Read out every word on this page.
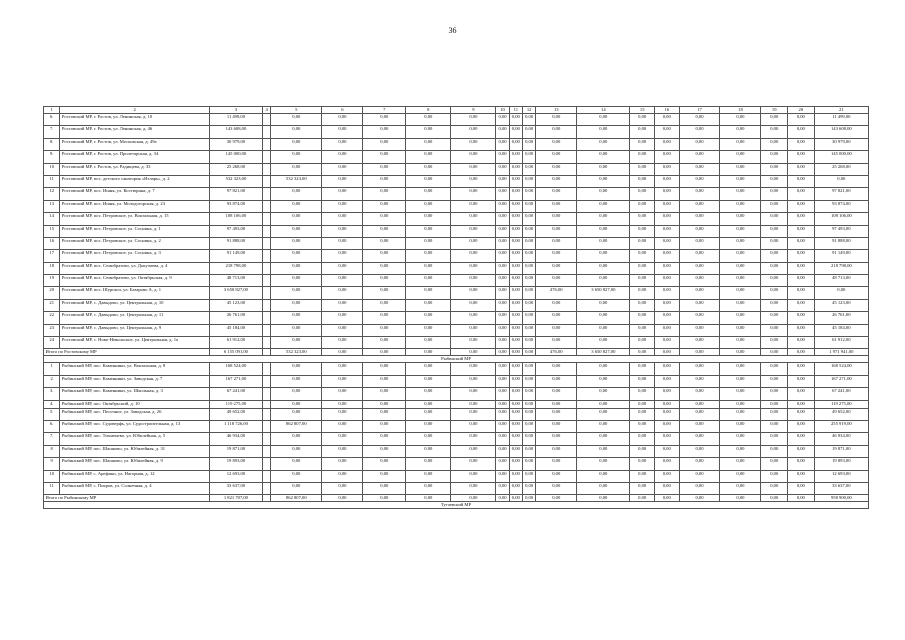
36
1	2	3	4	5	6	7	8	9	10	11	12	13	14	15	16	17	18	19	20	21
6.	Ростовский МР, г. Ростов, ул. Ленинская, д. 10	11 499,00		0,00	0,00	0,00	0,00	0,00	0,00	0,00	0,00	0,00	0,00	0,00	0,00	0,00	0,00	0,00	0,00	11 499,00
7.	Ростовский МР, г. Ростов, ул. Ленинская, д. 46	143 608,00		0,00	0,00	0,00	0,00	0,00	0,00	0,00	0,00	0,00	0,00	0,00	0,00	0,00	0,00	0,00	0,00	143 608,00
8.	Ростовский МР, г. Ростов, ул. Московская, д. 49а	30 979,00		0,00	0,00	0,00	0,00	0,00	0,00	0,00	0,00	0,00	0,00	0,00	0,00	0,00	0,00	0,00	0,00	30 979,00
9.	Ростовский МР, г. Ростов, ул. Пролетарская, д. 34	145 000,00		0,00	0,00	0,00	0,00	0,00	0,00	0,00	0,00	0,00	0,00	0,00	0,00	0,00	0,00	0,00	0,00	145 000,00
10	Ростовский МР, г. Ростов, ул. Радищева, д. 33	25 268,00		0,00	0,00	0,00	0,00	0,00	0,00	0,00	0,00	0,00	0,00	0,00	0,00	0,00	0,00	0,00	0,00	25 268,00
11	Ростовский МР, пос. детского санатория «Итларь», д. 2	532 323,00		532 323,00	0,00	0,00	0,00	0,00	0,00	0,00	0,00	0,00	0,00	0,00	0,00	0,00	0,00	0,00	0,00	0,00
12	Ростовский МР, пос. Ишня, ул. Костюрина, д. 7	97 821,00		0,00	0,00	0,00	0,00	0,00	0,00	0,00	0,00	0,00	0,00	0,00	0,00	0,00	0,00	0,00	0,00	97 821,00
13	Ростовский МР, пос. Ишня, ул. Молодогорская, д. 23	93 874,00		0,00	0,00	0,00	0,00	0,00	0,00	0,00	0,00	0,00	0,00	0,00	0,00	0,00	0,00	0,00	0,00	93 874,00
14	Ростовский МР, пос. Петровское, ул. Вокзальная, д. 15	108 106,00		0,00	0,00	0,00	0,00	0,00	0,00	0,00	0,00	0,00	0,00	0,00	0,00	0,00	0,00	0,00	0,00	108 106,00
15	Ростовский МР, пос. Петровское, ул. Соснина, д. 1	97 493,00		0,00	0,00	0,00	0,00	0,00	0,00	0,00	0,00	0,00	0,00	0,00	0,00	0,00	0,00	0,00	0,00	97 493,00
16	Ростовский МР, пос. Петровское, ул. Соснина, д. 2	91 888,00		0,00	0,00	0,00	0,00	0,00	0,00	0,00	0,00	0,00	0,00	0,00	0,00	0,00	0,00	0,00	0,00	91 888,00
17	Ростовский МР, пос. Петровское, ул. Соснина, д. 3	91 149,00		0,00	0,00	0,00	0,00	0,00	0,00	0,00	0,00	0,00	0,00	0,00	0,00	0,00	0,00	0,00	0,00	91 149,00
18	Ростовский МР, пос. Семибратово, ул. Докучаева, д. 4	218 798,00		0,00	0,00	0,00	0,00	0,00	0,00	0,00	0,00	0,00	0,00	0,00	0,00	0,00	0,00	0,00	0,00	218 798,00
19	Ростовский МР, пос. Семибратово, ул. Октябрьская, д. 9	48 713,00		0,00	0,00	0,00	0,00	0,00	0,00	0,00	0,00	0,00	0,00	0,00	0,00	0,00	0,00	0,00	0,00	48 713,00
20	Ростовский МР, пос. Шурскол, ул. Базарово А, д. 1	3 650 827,00		0,00	0,00	0,00	0,00	0,00	0,00	0,00	0,00	476,00	3 650 827,00	0,00	0,00	0,00	0,00	0,00	0,00	0,00
21	Ростовский МР, с. Давыдово, ул. Центральная, д. 10	45 123,00		0,00	0,00	0,00	0,00	0,00	0,00	0,00	0,00	0,00	0,00	0,00	0,00	0,00	0,00	0,00	0,00	45 123,00
22	Ростовский МР, с. Давыдово, ул. Центральная, д. 11	26 761,00		0,00	0,00	0,00	0,00	0,00	0,00	0,00	0,00	0,00	0,00	0,00	0,00	0,00	0,00	0,00	0,00	26 761,00
23	Ростовский МР, с. Давыдово, ул. Центральная, д. 9	45 184,00		0,00	0,00	0,00	0,00	0,00	0,00	0,00	0,00	0,00	0,00	0,00	0,00	0,00	0,00	0,00	0,00	45 184,00
24	Ростовский МР, с. Ново-Никольское, ул. Центральная, д. 1а	61 912,00		0,00	0,00	0,00	0,00	0,00	0,00	0,00	0,00	0,00	0,00	0,00	0,00	0,00	0,00	0,00	0,00	61 912,00
Итого по Ростовскому МР		6 155 091,00		532 323,00	0,00	0,00	0,00	0,00	0,00	0,00	0,00	476,00	3 650 827,00	0,00	0,00	0,00	0,00	0,00	0,00	1 971 941,00
Рыбинский МР																				
1	Рыбинский МР, пос. Каменники, ул. Вокзальная, д. 8	168 524,00		0,00	0,00	0,00	0,00	0,00	0,00	0,00	0,00	0,00	0,00	0,00	0,00	0,00	0,00	0,00	0,00	168 524,00
2	Рыбинский МР, пос. Каменники, ул. Заводская, д. 7	167 271,00		0,00	0,00	0,00	0,00	0,00	0,00	0,00	0,00	0,00	0,00	0,00	0,00	0,00	0,00	0,00	0,00	167 271,00
3.	Рыбинский МР, пос. Каменники, ул. Школьная, д. 3	67 241,00		0,00	0,00	0,00	0,00	0,00	0,00	0,00	0,00	0,00	0,00	0,00	0,00	0,00	0,00	0,00	0,00	67 241,00
4.	Рыбинский МР, пос. Октябрьский, д. 10	119 275,00		0,00	0,00	0,00	0,00	0,00	0,00	0,00	0,00	0,00	0,00	0,00	0,00	0,00	0,00	0,00	0,00	119 275,00
5.	Рыбинский МР, пос. Песочное, ул. Заводская, д. 26	49 652,00		0,00	0,00	0,00	0,00	0,00	0,00	0,00	0,00	0,00	0,00	0,00	0,00	0,00	0,00	0,00	0,00	49 652,00
6.	Рыбинский МР, пос. Судоверфь, ул. Судостроительная, д. 13	1 118 726,00		862 807,00	0,00	0,00	0,00	0,00	0,00	0,00	0,00	0,00	0,00	0,00	0,00	0,00	0,00	0,00	0,00	255 919,00
7.	Рыбинский МР, пос. Тихменево, ул. Юбилейная, д. 5	46 934,00		0,00	0,00	0,00	0,00	0,00	0,00	0,00	0,00	0,00	0,00	0,00	0,00	0,00	0,00	0,00	0,00	46 934,00
8	Рыбинский МР, пос. Шашково, ул. Юбилейная, д. 31	19 871,00		0,00	0,00	0,00	0,00	0,00	0,00	0,00	0,00	0,00	0,00	0,00	0,00	0,00	0,00	0,00	0,00	19 871,00
9	Рыбинский МР, пос. Шашково, ул. Юбилейная, д. 9	19 893,00		0,00	0,00	0,00	0,00	0,00	0,00	0,00	0,00	0,00	0,00	0,00	0,00	0,00	0,00	0,00	0,00	19 893,00
10	Рыбинский МР, с. Арефино, ул. Нагорная, д. 12	12 693,00		0,00	0,00	0,00	0,00	0,00	0,00	0,00	0,00	0,00	0,00	0,00	0,00	0,00	0,00	0,00	0,00	12 693,00
11	Рыбинский МР, с. Покров, ул. Солнечная, д. 4	33 637,00		0,00	0,00	0,00	0,00	0,00	0,00	0,00	0,00	0,00	0,00	0,00	0,00	0,00	0,00	0,00	0,00	33 637,00
Итого по Рыбинскому МР		1 821 707,00		862 807,00	0,00	0,00	0,00	0,00	0,00	0,00	0,00	0,00	0,00	0,00	0,00	0,00	0,00	0,00	0,00	958 900,00
Тутаевский МР																				
